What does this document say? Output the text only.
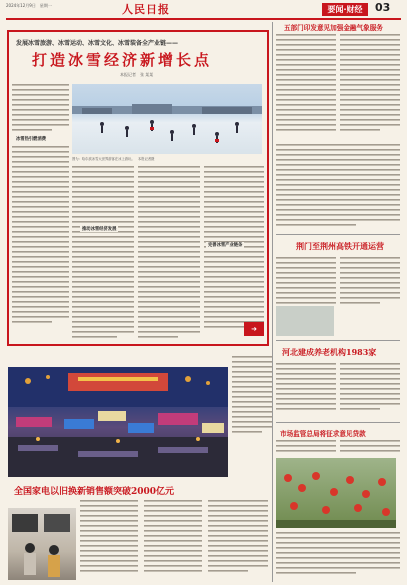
2024年12月9日　星期一	人民日报	要闻·财经	03
发展冰雪旅游、冰雪运动、冰雪文化、冰雪装备全产业链——
打造冰雪经济新增长点
本报记者　张 某某
图为：哈尔滨冰雪大世界游客在冰上游玩。　本报记者摄

冰雪热引燃消费
推动冰雪经济发展
完善冰雪产业链条
➜
全国家电以旧换新销售额突破2000亿元
五部门印发意见加强金融气象服务
荆门至荆州高铁开通运营
河北建成养老机构1983家
市场监管总局将征求意见贷款
